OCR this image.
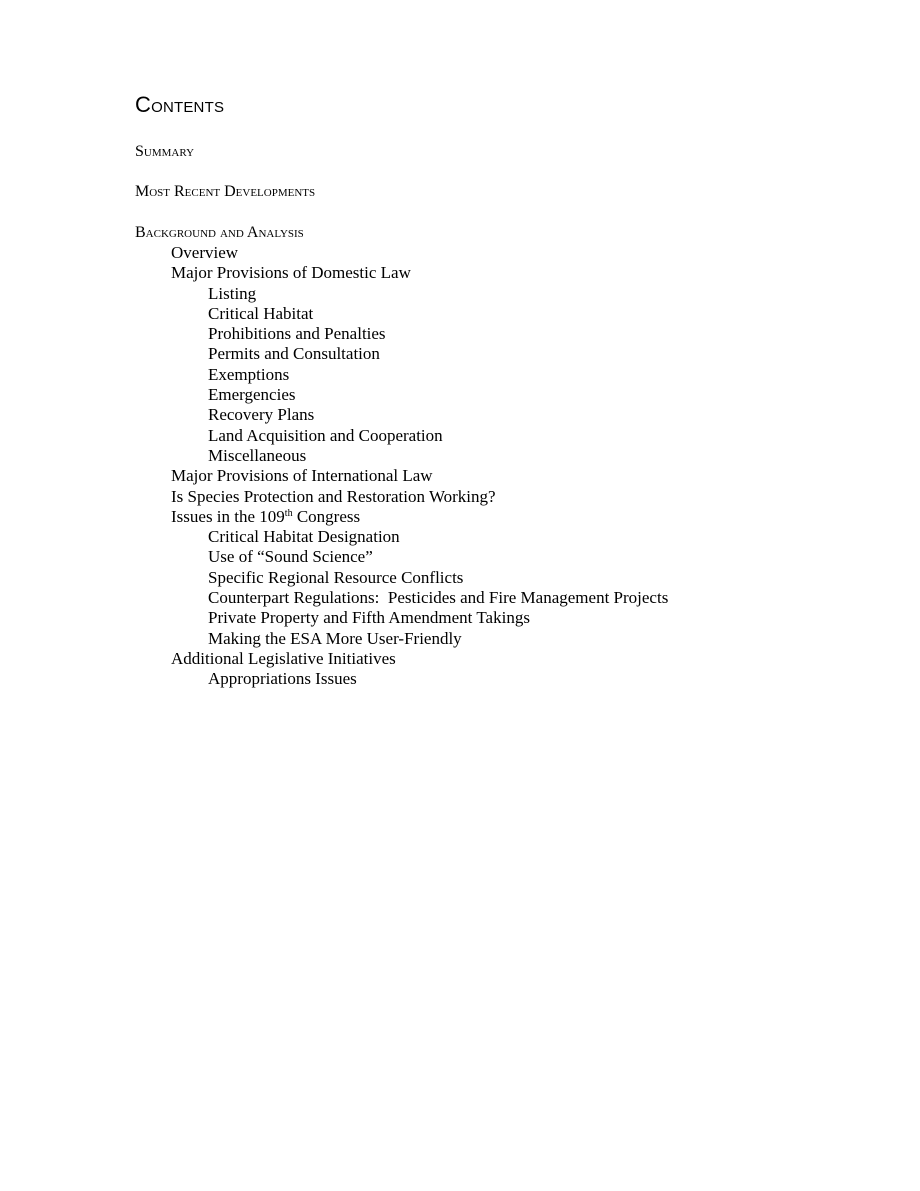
Contents
Summary
Most Recent Developments
Background and Analysis
Overview
Major Provisions of Domestic Law
Listing
Critical Habitat
Prohibitions and Penalties
Permits and Consultation
Exemptions
Emergencies
Recovery Plans
Land Acquisition and Cooperation
Miscellaneous
Major Provisions of International Law
Is Species Protection and Restoration Working?
Issues in the 109th Congress
Critical Habitat Designation
Use of “Sound Science”
Specific Regional Resource Conflicts
Counterpart Regulations:  Pesticides and Fire Management Projects
Private Property and Fifth Amendment Takings
Making the ESA More User-Friendly
Additional Legislative Initiatives
Appropriations Issues
